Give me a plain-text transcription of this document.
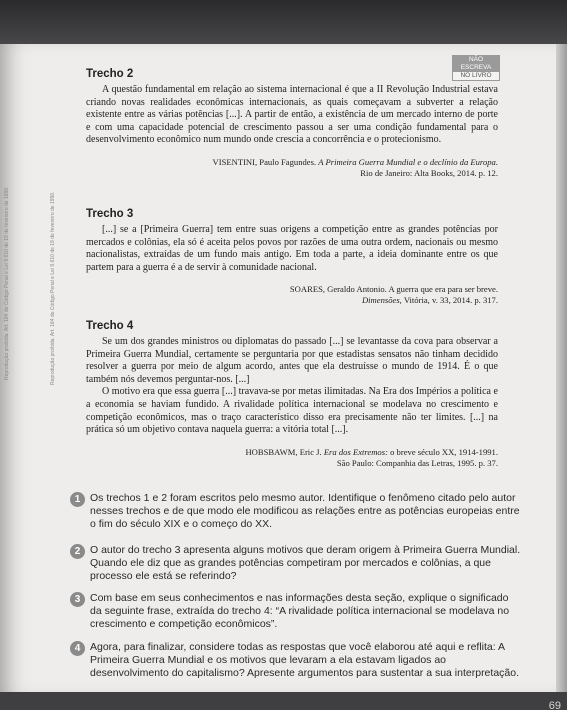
69
NÃO ESCREVA
NO LIVRO
Reprodução proibida. Art. 184 do Código Penal e Lei 9.610 de 19 de fevereiro de 1998.	Reprodução proibida. Art. 184 do Código Penal e Lei 9.610 de 19 de fevereiro de 1998.
Trecho 2

A questão fundamental em relação ao sistema internacional é que a II Revolução Industrial estava criando novas realidades econômicas internacionais, as quais começavam a subverter a relação existente entre as várias potências [...]. A partir de então, a existência de um mercado interno de porte e com uma capacidade potencial de crescimento passou a ser uma condição fundamental para o desenvolvimento econômico num mundo onde crescia a concorrência e o protecionismo.

VISENTINI, Paulo Fagundes. A Primeira Guerra Mundial e o declínio da Europa.
Rio de Janeiro: Alta Books, 2014. p. 12.

Trecho 3

[...] se a [Primeira Guerra] tem entre suas origens a competição entre as grandes potências por mercados e colônias, ela só é aceita pelos povos por razões de uma outra ordem, nacionais ou mesmo nacionalistas, extraídas de um fundo mais antigo. Em toda a parte, a ideia dominante entre os que partem para a guerra é a de servir à comunidade nacional.

SOARES, Geraldo Antonio. A guerra que era para ser breve.
Dimensões, Vitória, v. 33, 2014. p. 317.

Trecho 4

Se um dos grandes ministros ou diplomatas do passado [...] se levantasse da cova para observar a Primeira Guerra Mundial, certamente se perguntaria por que estadistas sensatos não tinham decidido resolver a guerra por meio de algum acordo, antes que ela destruísse o mundo de 1914. É o que também nós devemos perguntar-nos. [...]

O motivo era que essa guerra [...] travava-se por metas ilimitadas. Na Era dos Impérios a política e a economia se haviam fundido. A rivalidade política internacional se modelava no crescimento e competição econômicos, mas o traço característico disso era precisamente não ter limites. [...] na prática só um objetivo contava naquela guerra: a vitória total [...].

HOBSBAWM, Eric J. Era dos Extremos: o breve século XX, 1914-1991.
São Paulo: Companhia das Letras, 1995. p. 37.

1 Os trechos 1 e 2 foram escritos pelo mesmo autor. Identifique o fenômeno citado pelo autor nesses trechos e de que modo ele modificou as relações entre as potências europeias entre o fim do século XIX e o começo do XX.

2 O autor do trecho 3 apresenta alguns motivos que deram origem à Primeira Guerra Mundial. Quando ele diz que as grandes potências competiram por mercados e colônias, a que processo ele está se referindo?

3 Com base em seus conhecimentos e nas informações desta seção, explique o significado da seguinte frase, extraída do trecho 4: “A rivalidade política internacional se modelava no crescimento e competição econômicos”.

4 Agora, para finalizar, considere todas as respostas que você elaborou até aqui e reflita: A Primeira Guerra Mundial e os motivos que levaram a ela estavam ligados ao desenvolvimento do capitalismo? Apresente argumentos para sustentar a sua interpretação.
